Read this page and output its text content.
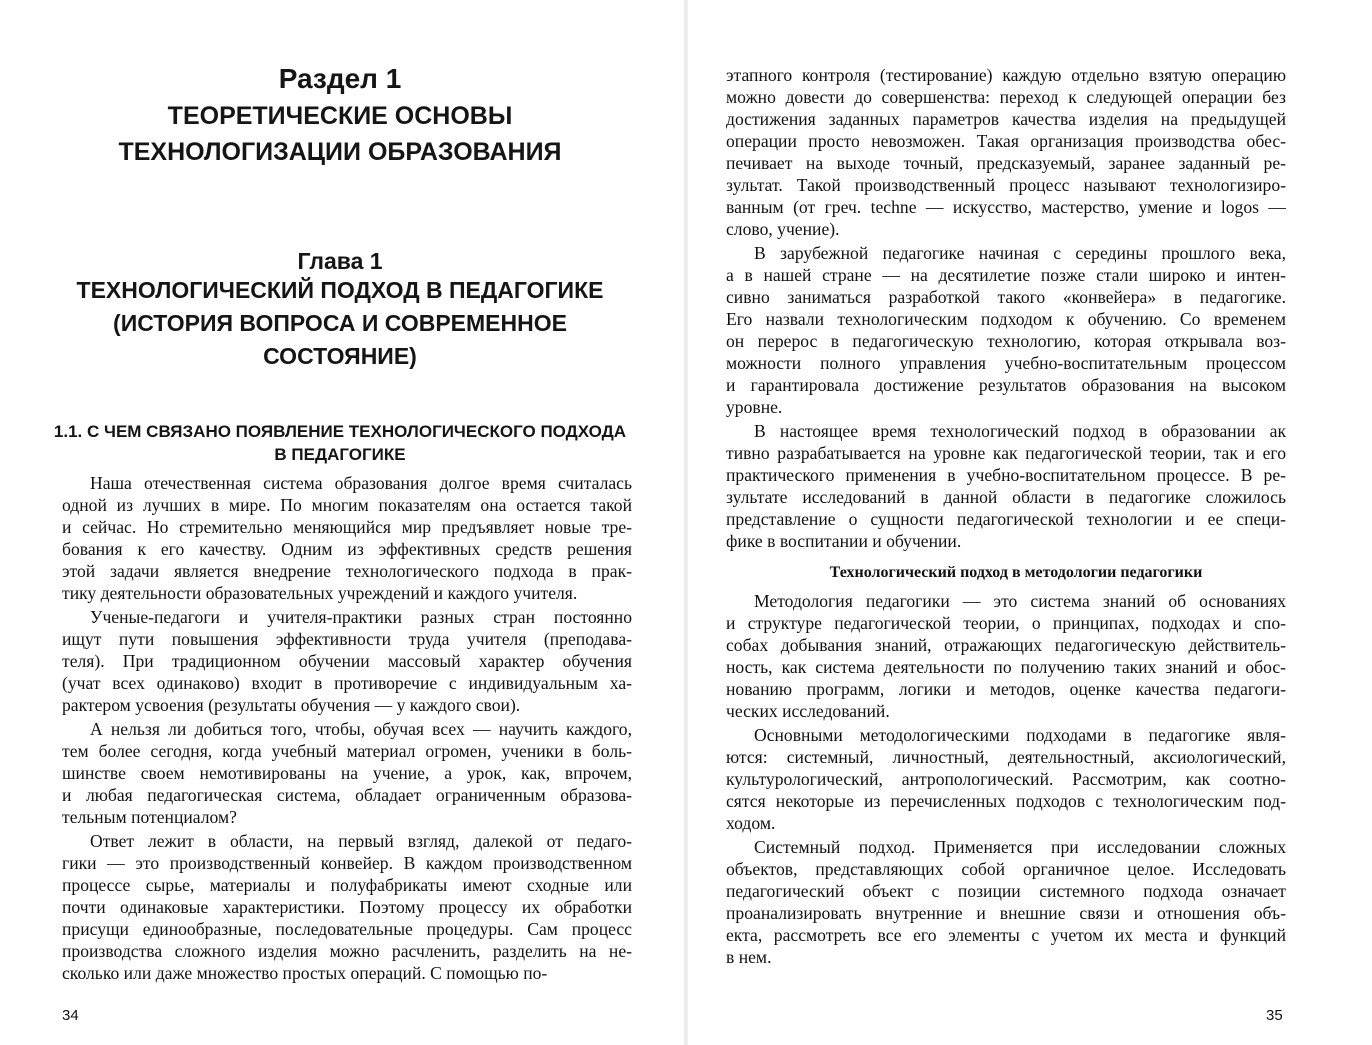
Раздел 1
ТЕОРЕТИЧЕСКИЕ ОСНОВЫ
ТЕХНОЛОГИЗАЦИИ ОБРАЗОВАНИЯ
Глава 1
ТЕХНОЛОГИЧЕСКИЙ ПОДХОД В ПЕДАГОГИКЕ
(ИСТОРИЯ ВОПРОСА И СОВРЕМЕННОЕ
СОСТОЯНИЕ)
1.1. С ЧЕМ СВЯЗАНО ПОЯВЛЕНИЕ ТЕХНОЛОГИЧЕСКОГО ПОДХОДА
В ПЕДАГОГИКЕ
Наша отечественная система образования долгое время считалась
одной из лучших в мире. По многим показателям она остается такой
и сейчас. Но стремительно меняющийся мир предъявляет новые тре-
бования к его качеству. Одним из эффективных средств решения
этой задачи является внедрение технологического подхода в прак-
тику деятельности образовательных учреждений и каждого учителя.
Ученые-педагоги и учителя-практики разных стран постоянно
ищут пути повышения эффективности труда учителя (преподава-
теля). При традиционном обучении массовый характер обучения
(учат всех одинаково) входит в противоречие с индивидуальным ха-
рактером усвоения (результаты обучения — у каждого свои).
А нельзя ли добиться того, чтобы, обучая всех — научить каждого,
тем более сегодня, когда учебный материал огромен, ученики в боль-
шинстве своем немотивированы на учение, а урок, как, впрочем,
и любая педагогическая система, обладает ограниченным образова-
тельным потенциалом?
Ответ лежит в области, на первый взгляд, далекой от педаго-
гики — это производственный конвейер. В каждом производственном
процессе сырье, материалы и полуфабрикаты имеют сходные или
почти одинаковые характеристики. Поэтому процессу их обработки
присущи единообразные, последовательные процедуры. Сам процесс
производства сложного изделия можно расчленить, разделить на не-
сколько или даже множество простых операций. С помощью по-
34
этапного контроля (тестирование) каждую отдельно взятую операцию
можно довести до совершенства: переход к следующей операции без
достижения заданных параметров качества изделия на предыдущей
операции просто невозможен. Такая организация производства обес-
печивает на выходе точный, предсказуемый, заранее заданный ре-
зультат. Такой производственный процесс называют технологизиро-
ванным (от греч. techne — искусство, мастерство, умение и logos —
слово, учение).
В зарубежной педагогике начиная с середины прошлого века,
а в нашей стране — на десятилетие позже стали широко и интен-
сивно заниматься разработкой такого «конвейера» в педагогике.
Его назвали технологическим подходом к обучению. Со временем
он перерос в педагогическую технологию, которая открывала воз-
можности полного управления учебно-воспитательным процессом
и гарантировала достижение результатов образования на высоком
уровне.
В настоящее время технологический подход в образовании ак
тивно разрабатывается на уровне как педагогической теории, так и его
практического применения в учебно-воспитательном процессе. В ре-
зультате исследований в данной области в педагогике сложилось
представление о сущности педагогической технологии и ее специ-
фике в воспитании и обучении.
Технологический подход в методологии педагогики
Методология педагогики — это система знаний об основаниях
и структуре педагогической теории, о принципах, подходах и спо-
собах добывания знаний, отражающих педагогическую действитель-
ность, как система деятельности по получению таких знаний и обос-
нованию программ, логики и методов, оценке качества педагоги-
ческих исследований.
Основными методологическими подходами в педагогике явля-
ются: системный, личностный, деятельностный, аксиологический,
культурологический, антропологический. Рассмотрим, как соотно-
сятся некоторые из перечисленных подходов с технологическим под-
ходом.
Системный подход. Применяется при исследовании сложных
объектов, представляющих собой органичное целое. Исследовать
педагогический объект с позиции системного подхода означает
проанализировать внутренние и внешние связи и отношения объ-
екта, рассмотреть все его элементы с учетом их места и функций
в нем.
35
